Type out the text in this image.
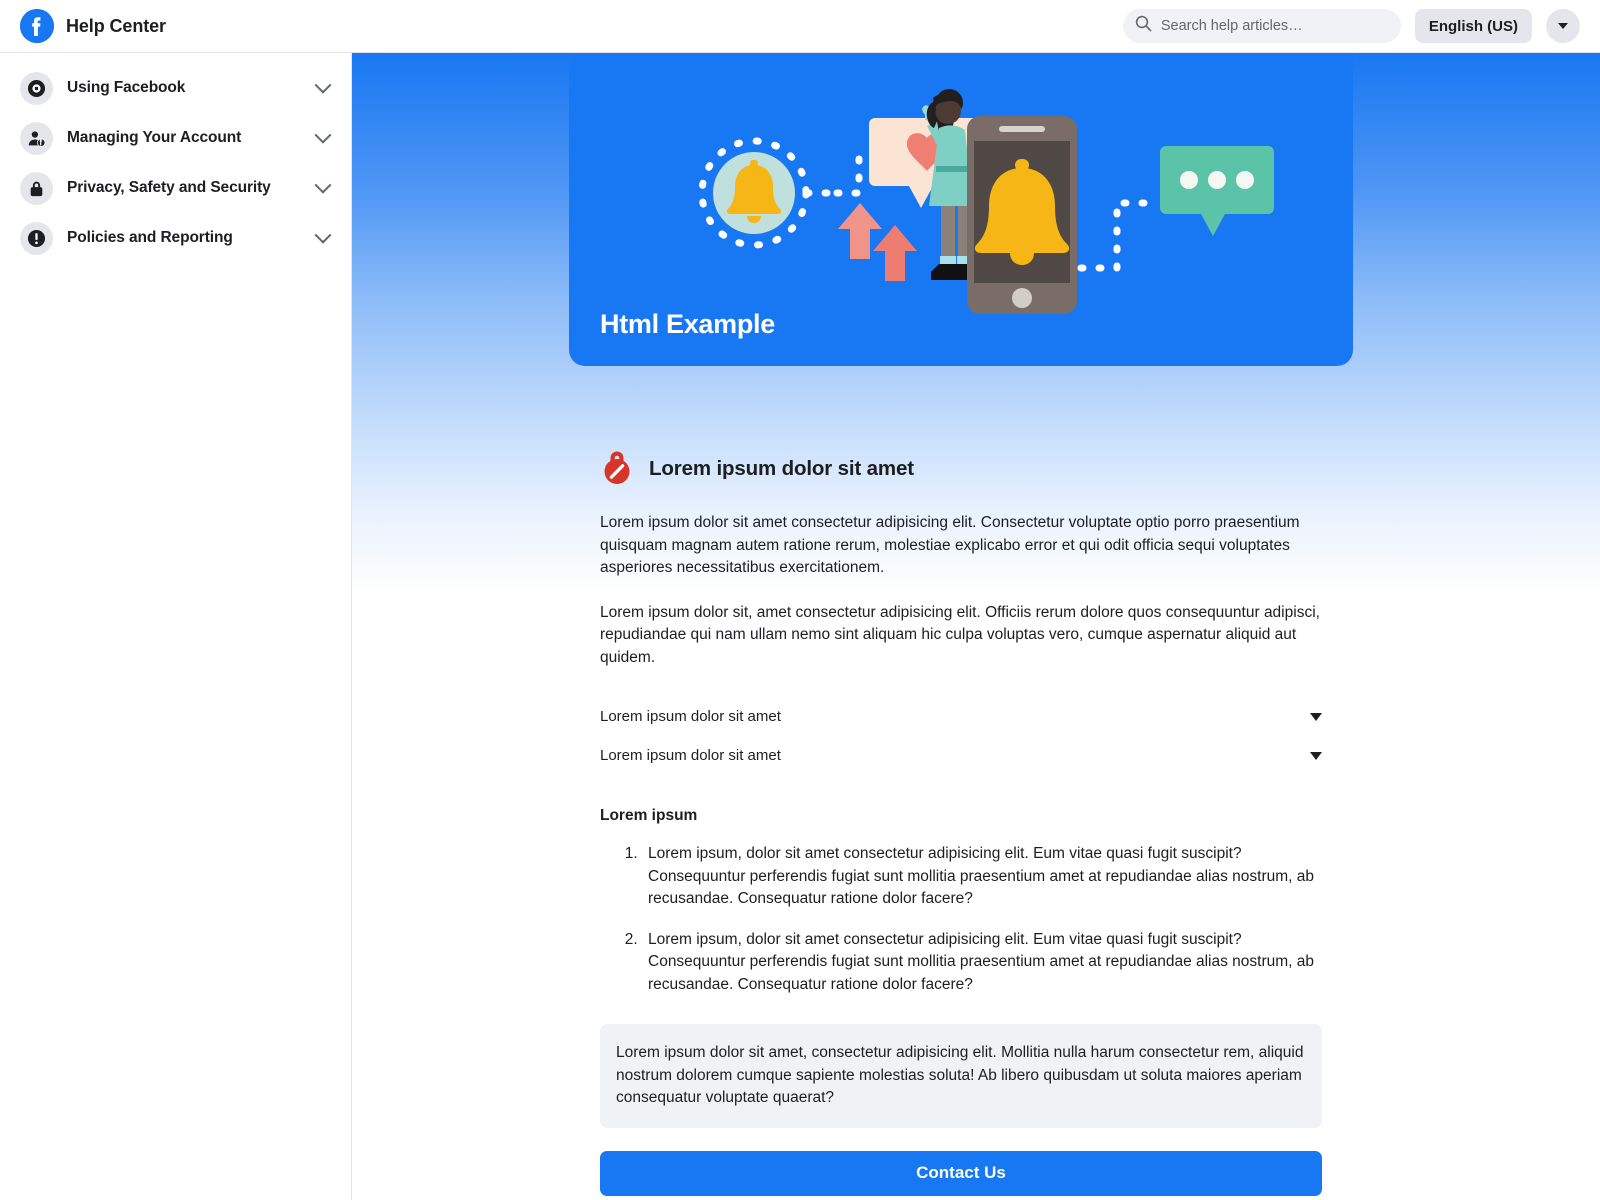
Help Center
Search help articles…	English (US)
Using Facebook
Managing Your Account
Privacy, Safety and Security
Policies and Reporting
Html Example
Lorem ipsum dolor sit amet

Lorem ipsum dolor sit amet consectetur adipisicing elit. Consectetur voluptate optio porro praesentium quisquam magnam autem ratione rerum, molestiae explicabo error et qui odit officia sequi voluptates asperiores necessitatibus exercitationem.

Lorem ipsum dolor sit, amet consectetur adipisicing elit. Officiis rerum dolore quos consequuntur adipisci, repudiandae qui nam ullam nemo sint aliquam hic culpa voluptas vero, cumque aspernatur aliquid aut quidem.

Lorem ipsum dolor sit amet
Lorem ipsum dolor sit amet
Lorem ipsum
1. Lorem ipsum, dolor sit amet consectetur adipisicing elit. Eum vitae quasi fugit suscipit? Consequuntur perferendis fugiat sunt mollitia praesentium amet at repudiandae alias nostrum, ab recusandae. Consequatur ratione dolor facere?
2. Lorem ipsum, dolor sit amet consectetur adipisicing elit. Eum vitae quasi fugit suscipit? Consequuntur perferendis fugiat sunt mollitia praesentium amet at repudiandae alias nostrum, ab recusandae. Consequatur ratione dolor facere?
Lorem ipsum dolor sit amet, consectetur adipisicing elit. Mollitia nulla harum consectetur rem, aliquid nostrum dolorem cumque sapiente molestias soluta! Ab libero quibusdam ut soluta maiores aperiam consequatur voluptate quaerat?
Contact Us
